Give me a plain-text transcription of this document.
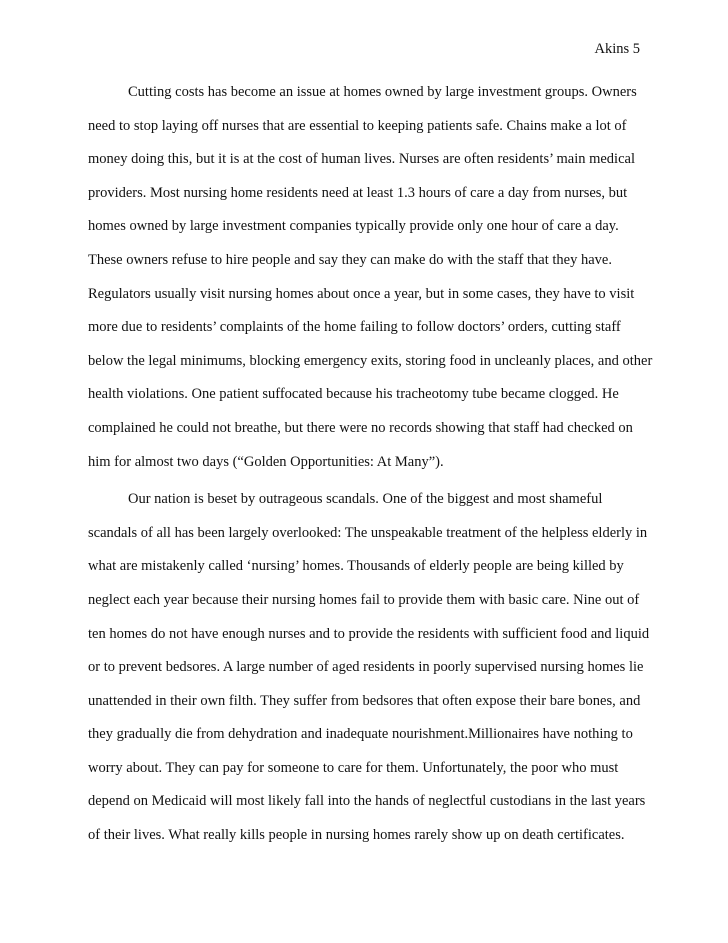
Akins 5
Cutting costs has become an issue at homes owned by large investment groups. Owners
need to stop laying off nurses that are essential to keeping patients safe. Chains make a lot of
money doing this, but it is at the cost of human lives. Nurses are often residents’ main medical
providers. Most nursing home residents need at least 1.3 hours of care a day from nurses, but
homes owned by large investment companies typically provide only one hour of care a day.
These owners refuse to hire people and say they can make do with the staff that they have.
Regulators usually visit nursing homes about once a year, but in some cases, they have to visit
more due to residents’ complaints of the home failing to follow doctors’ orders, cutting staff
below the legal minimums, blocking emergency exits, storing food in uncleanly places, and other
health violations. One patient suffocated because his tracheotomy tube became clogged. He
complained he could not breathe, but there were no records showing that staff had checked on
him for almost two days (“Golden Opportunities: At Many”).
Our nation is beset by outrageous scandals. One of the biggest and most shameful
scandals of all has been largely overlooked: The unspeakable treatment of the helpless elderly in
what are mistakenly called ‘nursing’ homes. Thousands of elderly people are being killed by
neglect each year because their nursing homes fail to provide them with basic care. Nine out of
ten homes do not have enough nurses and to provide the residents with sufficient food and liquid
or to prevent bedsores. A large number of aged residents in poorly supervised nursing homes lie
unattended in their own filth. They suffer from bedsores that often expose their bare bones, and
they gradually die from dehydration and inadequate nourishment.Millionaires have nothing to
worry about. They can pay for someone to care for them. Unfortunately, the poor who must
depend on Medicaid will most likely fall into the hands of neglectful custodians in the last years
of their lives. What really kills people in nursing homes rarely show up on death certificates.
